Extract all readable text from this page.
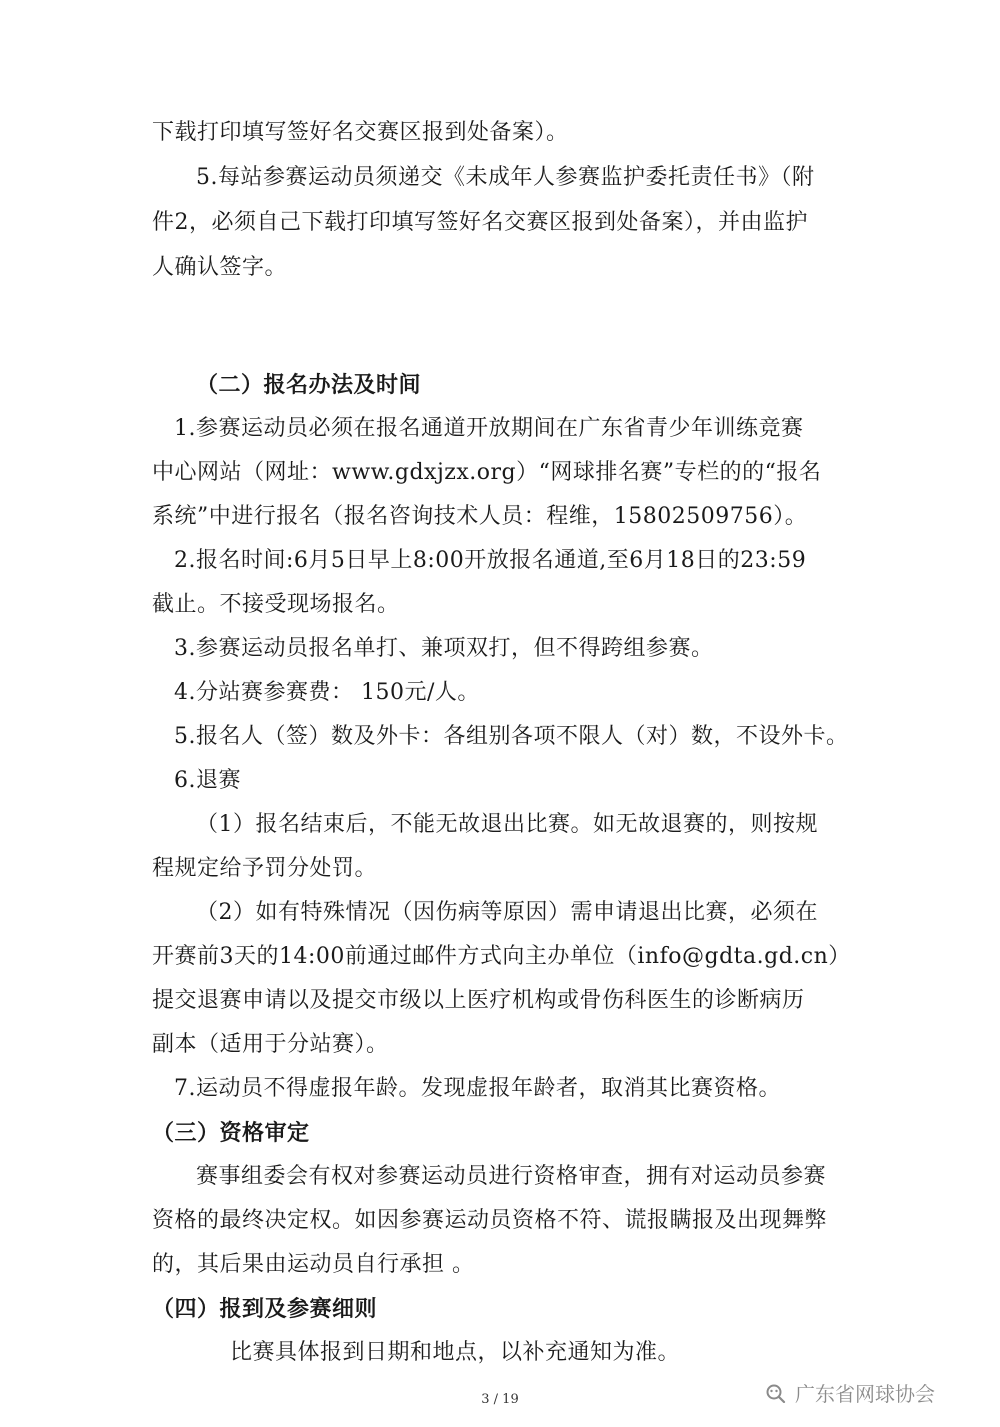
下载打印填写签好名交赛区报到处备案）。
5.每站参赛运动员须递交《未成年人参赛监护委托责任书》（附
件2，必须自己下载打印填写签好名交赛区报到处备案），并由监护
人确认签字。
（二）报名办法及时间
1.参赛运动员必须在报名通道开放期间在广东省青少年训练竞赛
中心网站（网址：www.gdxjzx.org）“网球排名赛”专栏的的“报名
系统”中进行报名（报名咨询技术人员：程维，15802509756）。
2.报名时间:6月5日早上8:00开放报名通道,至6月18日的23:59
截止。不接受现场报名。
3.参赛运动员报名单打、兼项双打，但不得跨组参赛。
4.分站赛参赛费： 150元/人。
5.报名人（签）数及外卡：各组别各项不限人（对）数，不设外卡。
6.退赛
（1）报名结束后，不能无故退出比赛。如无故退赛的，则按规
程规定给予罚分处罚。
（2）如有特殊情况（因伤病等原因）需申请退出比赛，必须在
开赛前3天的14:00前通过邮件方式向主办单位（info@gdta.gd.cn）
提交退赛申请以及提交市级以上医疗机构或骨伤科医生的诊断病历
副本（适用于分站赛）。
7.运动员不得虚报年龄。发现虚报年龄者，取消其比赛资格。
（三）资格审定
赛事组委会有权对参赛运动员进行资格审查，拥有对运动员参赛
资格的最终决定权。如因参赛运动员资格不符、谎报瞒报及出现舞弊
的，其后果由运动员自行承担 。
（四）报到及参赛细则
比赛具体报到日期和地点，以补充通知为准。
3 / 19	广东省网球协会
